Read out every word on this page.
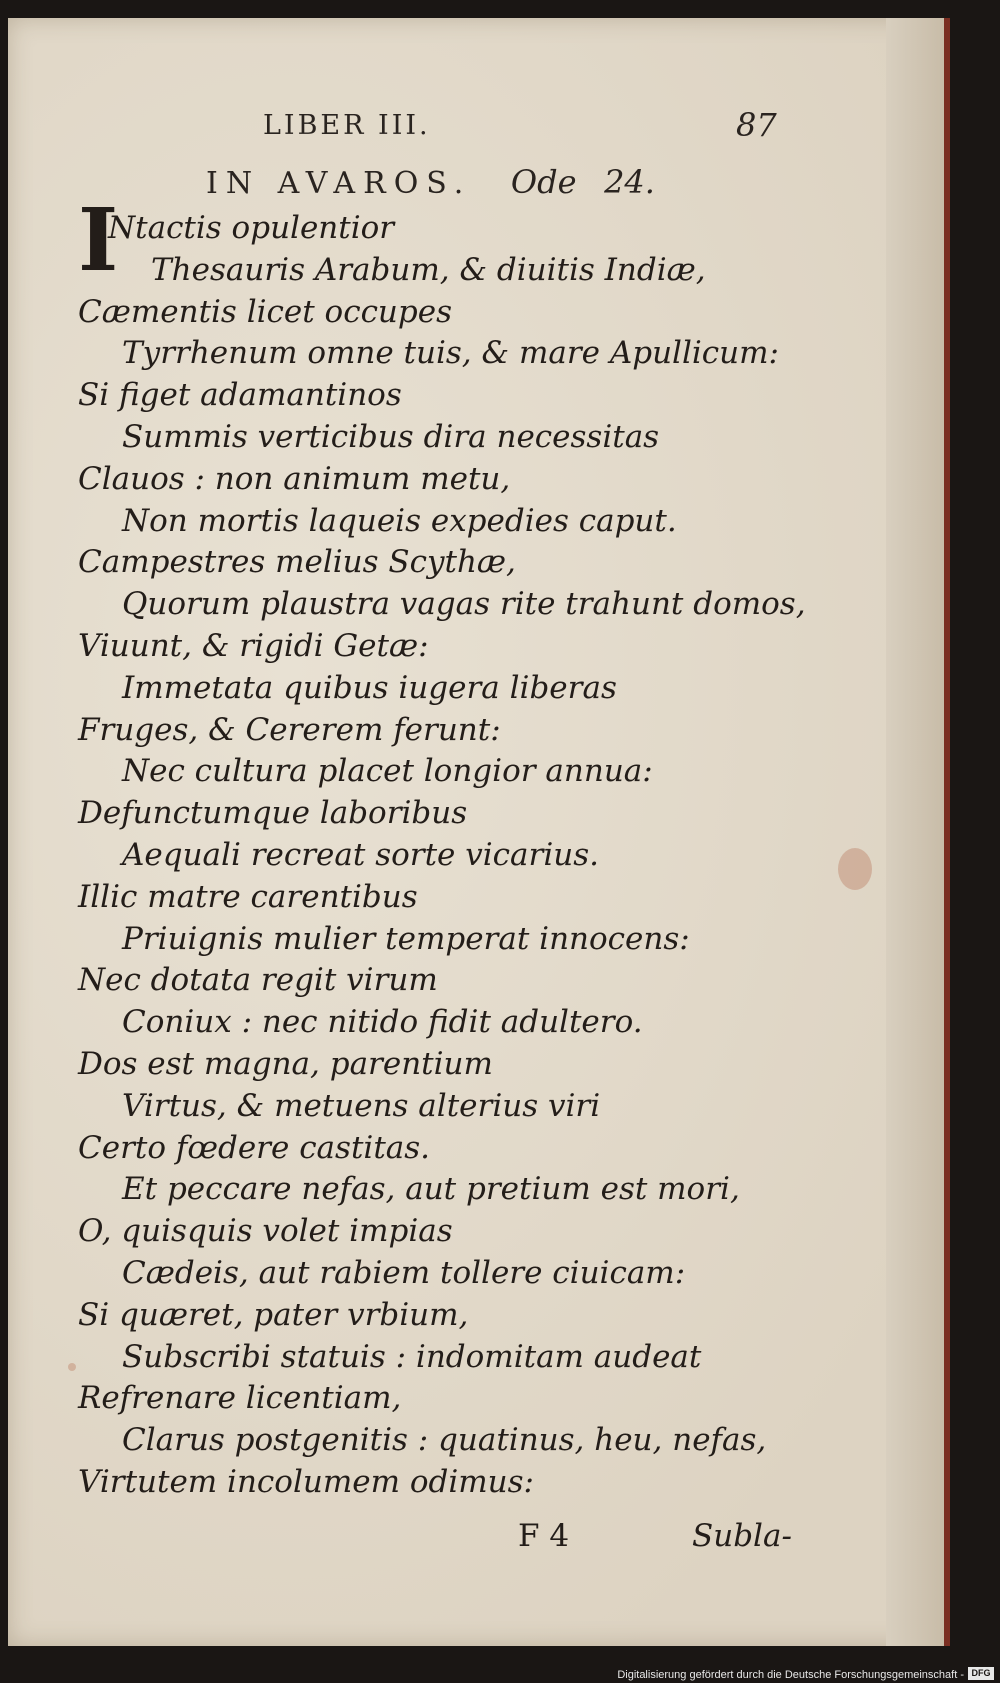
LIBER III.	87
IN AVAROS. Ode 24.
I
Ntactis opulentior
Thesauris Arabum, & diuitis Indiæ,
Cæmentis licet occupes
Tyrrhenum omne tuis, & mare Apullicum:
Si figet adamantinos
Summis verticibus dira necessitas
Clauos : non animum metu,
Non mortis laqueis expedies caput.
Campestres melius Scythæ,
Quorum plaustra vagas rite trahunt domos,
Viuunt, & rigidi Getæ:
Immetata quibus iugera liberas
Fruges, & Cererem ferunt:
Nec cultura placet longior annua:
Defunctumque laboribus
Aequali recreat sorte vicarius.
Illic matre carentibus
Priuignis mulier temperat innocens:
Nec dotata regit virum
Coniux : nec nitido fidit adultero.
Dos est magna, parentium
Virtus, & metuens alterius viri
Certo fœdere castitas.
Et peccare nefas, aut pretium est mori,
O, quisquis volet impias
Cædeis, aut rabiem tollere ciuicam:
Si quæret, pater vrbium,
Subscribi statuis : indomitam audeat
Refrenare licentiam,
Clarus postgenitis : quatinus, heu, nefas,
Virtutem incolumem odimus:
F 4	Subla-
Digitalisierung gefördert durch die Deutsche Forschungsgemeinschaft - DFG
